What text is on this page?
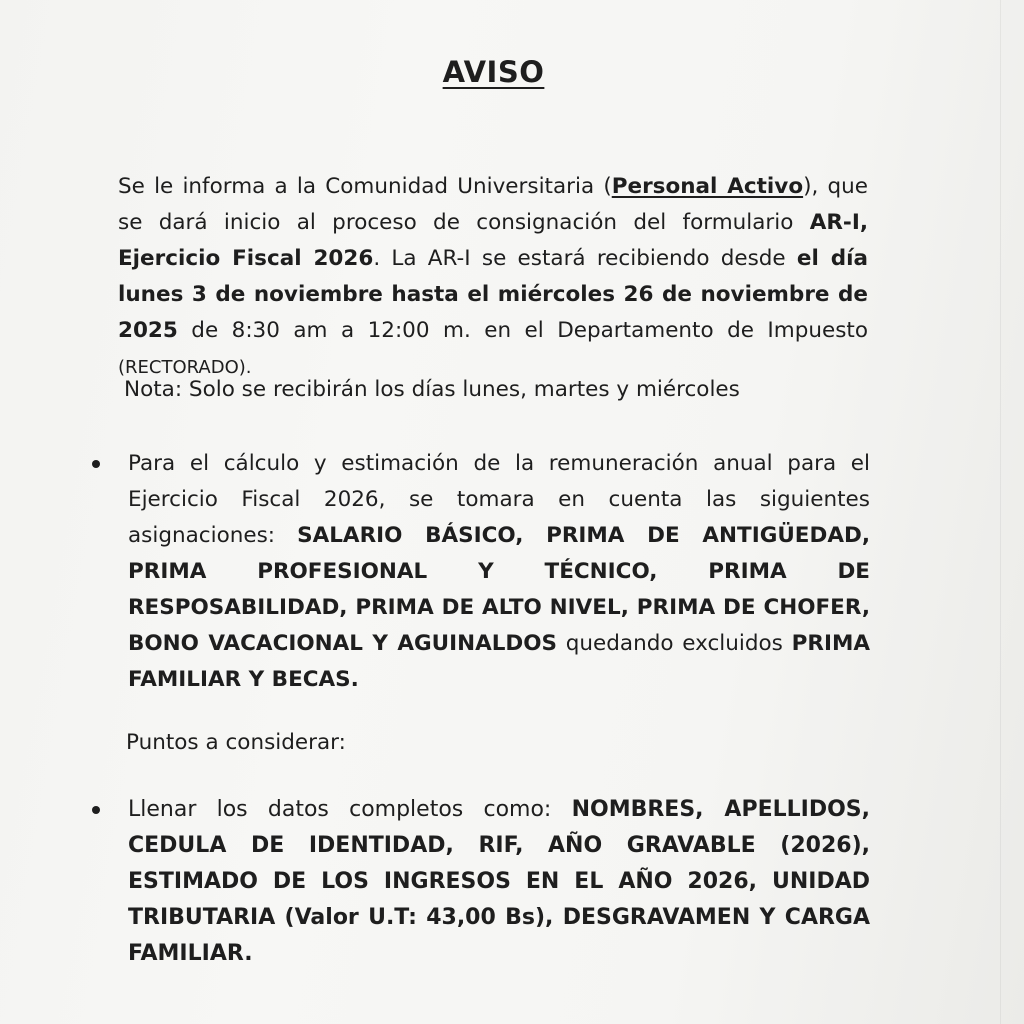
AVISO

Se le informa a la Comunidad Universitaria (Personal Activo), que se dará inicio al proceso de consignación del formulario AR-I, Ejercicio Fiscal 2026. La AR-I se estará recibiendo desde el día lunes 3 de noviembre hasta el miércoles 26 de noviembre de 2025 de 8:30 am a 12:00 m. en el Departamento de Impuesto (RECTORADO).

Nota: Solo se recibirán los días lunes, martes y miércoles

Para el cálculo y estimación de la remuneración anual para el Ejercicio Fiscal 2026, se tomara en cuenta las siguientes asignaciones: SALARIO BÁSICO, PRIMA DE ANTIGÜEDAD, PRIMA PROFESIONAL Y TÉCNICO, PRIMA DE RESPOSABILIDAD, PRIMA DE ALTO NIVEL, PRIMA DE CHOFER, BONO VACACIONAL Y AGUINALDOS quedando excluidos PRIMA FAMILIAR Y BECAS.

Puntos a considerar:

Llenar los datos completos como: NOMBRES, APELLIDOS, CEDULA DE IDENTIDAD, RIF, AÑO GRAVABLE (2026), ESTIMADO DE LOS INGRESOS EN EL AÑO 2026, UNIDAD TRIBUTARIA (Valor U.T: 43,00 Bs), DESGRAVAMEN Y CARGA FAMILIAR.
